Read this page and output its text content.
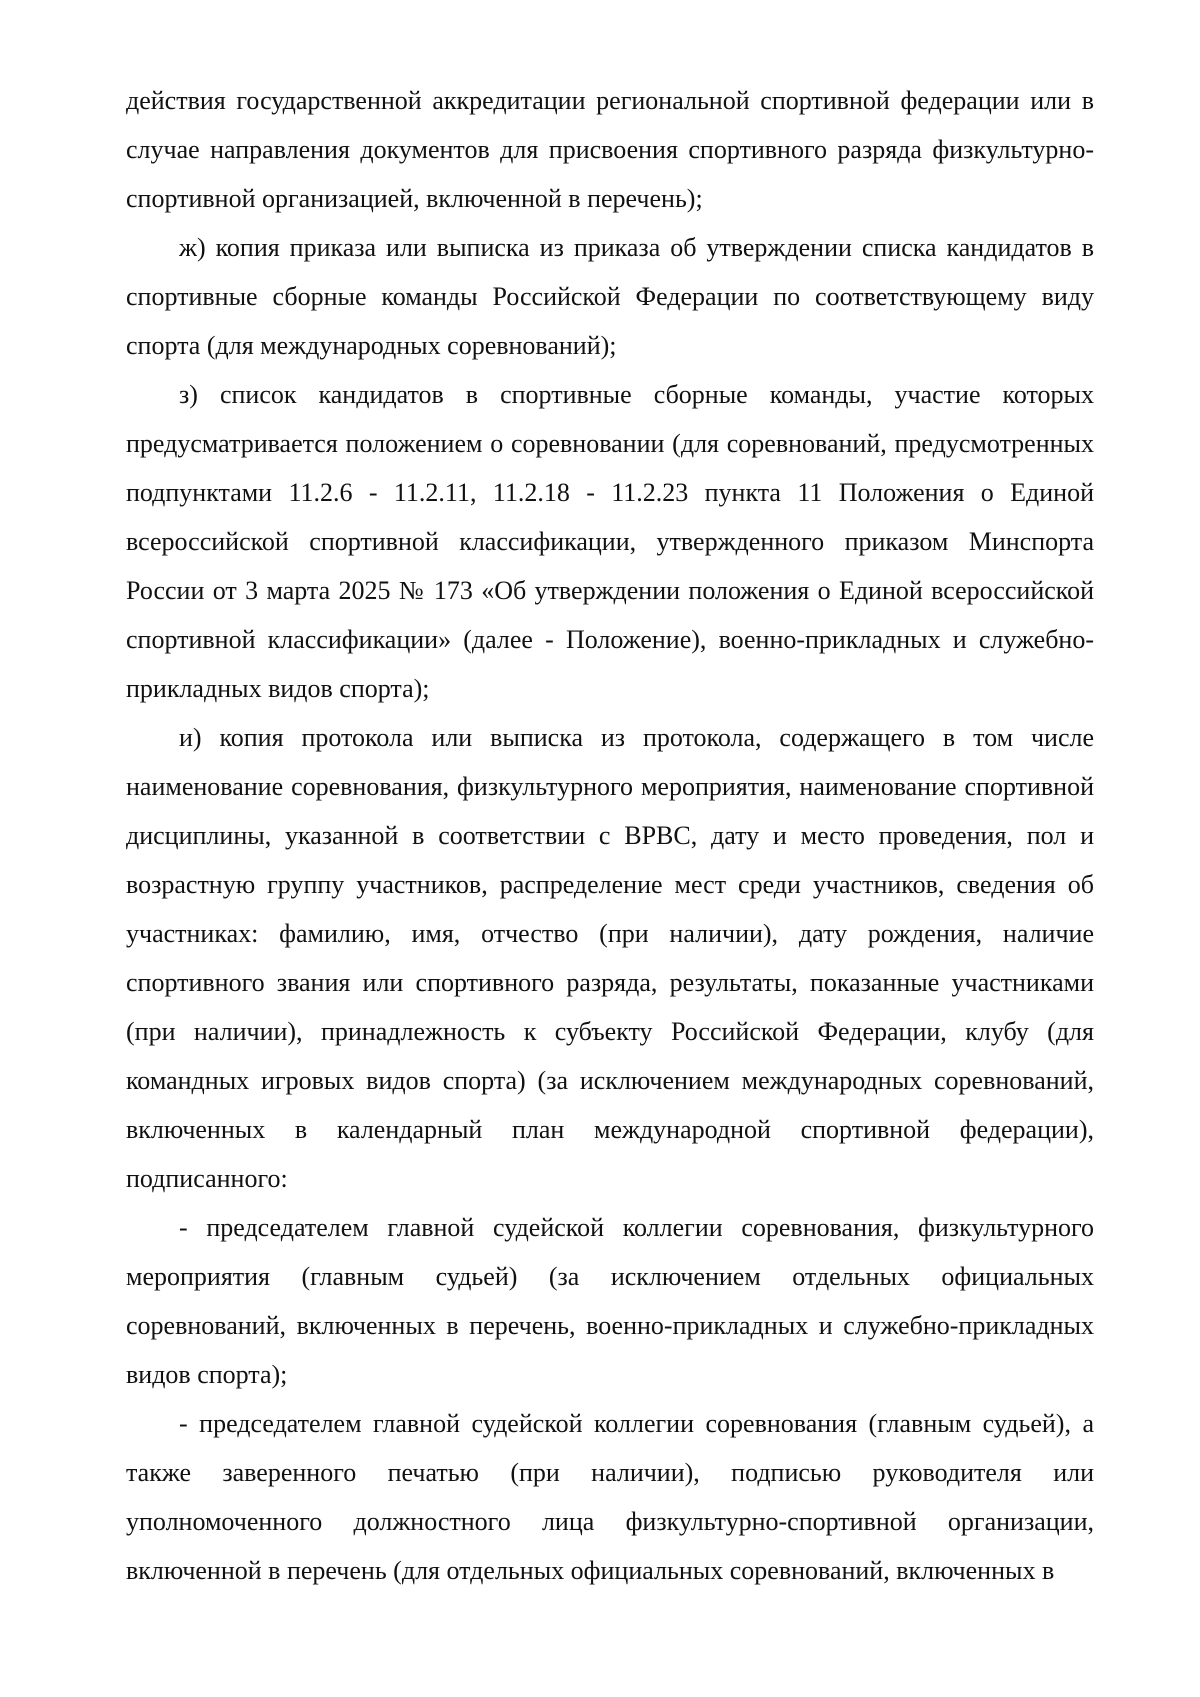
действия государственной аккредитации региональной спортивной федерации или в случае направления документов для присвоения спортивного разряда физкультурно-спортивной организацией, включенной в перечень);

ж) копия приказа или выписка из приказа об утверждении списка кандидатов в спортивные сборные команды Российской Федерации по соответствующему виду спорта (для международных соревнований);

з) список кандидатов в спортивные сборные команды, участие которых предусматривается положением о соревновании (для соревнований, предусмотренных подпунктами 11.2.6 - 11.2.11, 11.2.18 - 11.2.23 пункта 11 Положения о Единой всероссийской спортивной классификации, утвержденного приказом Минспорта России от 3 марта 2025 № 173 «Об утверждении положения о Единой всероссийской спортивной классификации» (далее - Положение), военно-прикладных и служебно-прикладных видов спорта);

и) копия протокола или выписка из протокола, содержащего в том числе наименование соревнования, физкультурного мероприятия, наименование спортивной дисциплины, указанной в соответствии с ВРВС, дату и место проведения, пол и возрастную группу участников, распределение мест среди участников, сведения об участниках: фамилию, имя, отчество (при наличии), дату рождения, наличие спортивного звания или спортивного разряда, результаты, показанные участниками (при наличии), принадлежность к субъекту Российской Федерации, клубу (для командных игровых видов спорта) (за исключением международных соревнований, включенных в календарный план международной спортивной федерации), подписанного:

- председателем главной судейской коллегии соревнования, физкультурного мероприятия (главным судьей) (за исключением отдельных официальных соревнований, включенных в перечень, военно-прикладных и служебно-прикладных видов спорта);

- председателем главной судейской коллегии соревнования (главным судьей), а также заверенного печатью (при наличии), подписью руководителя или уполномоченного должностного лица физкультурно-спортивной организации, включенной в перечень (для отдельных официальных соревнований, включенных в
